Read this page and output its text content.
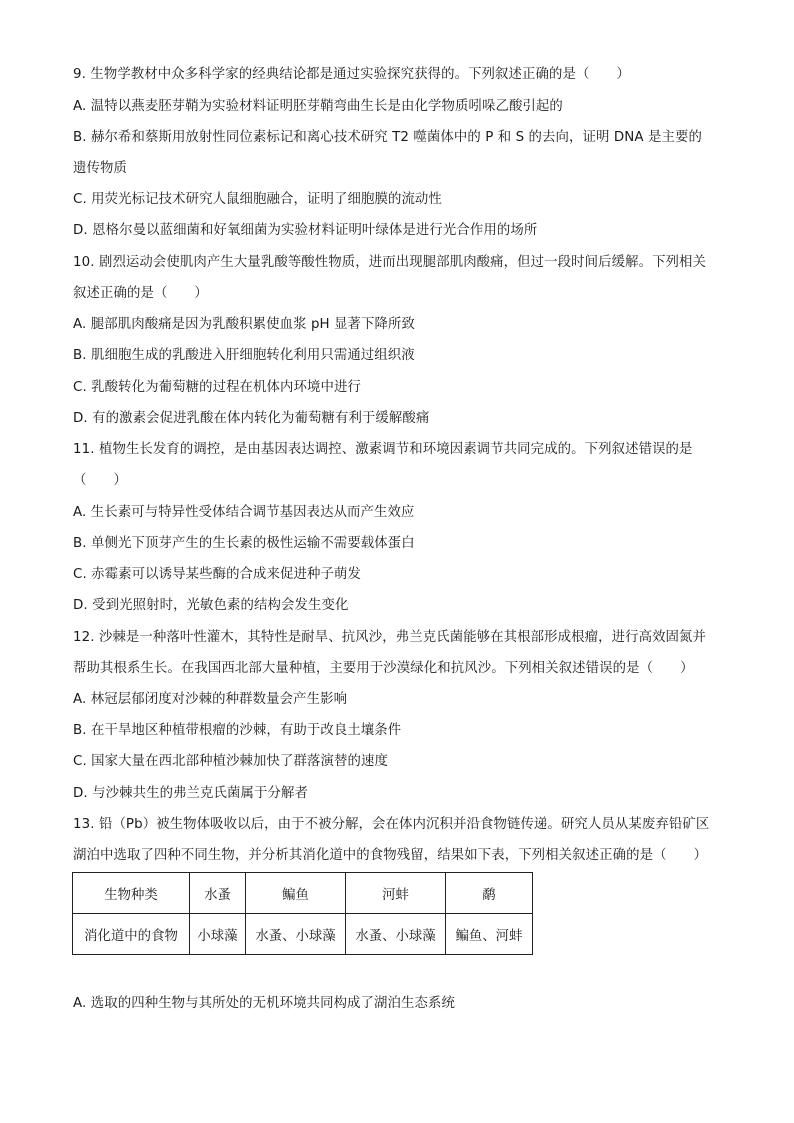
9. 生物学教材中众多科学家的经典结论都是通过实验探究获得的。下列叙述正确的是（　　）
A. 温特以燕麦胚芽鞘为实验材料证明胚芽鞘弯曲生长是由化学物质吲哚乙酸引起的
B. 赫尔希和蔡斯用放射性同位素标记和离心技术研究 T2 噬菌体中的 P 和 S 的去向，证明 DNA 是主要的
遗传物质
C. 用荧光标记技术研究人鼠细胞融合，证明了细胞膜的流动性
D. 恩格尔曼以蓝细菌和好氧细菌为实验材料证明叶绿体是进行光合作用的场所
10. 剧烈运动会使肌肉产生大量乳酸等酸性物质，进而出现腿部肌肉酸痛，但过一段时间后缓解。下列相关
叙述正确的是（　　）
A. 腿部肌肉酸痛是因为乳酸积累使血浆 pH 显著下降所致
B. 肌细胞生成的乳酸进入肝细胞转化利用只需通过组织液
C. 乳酸转化为葡萄糖的过程在机体内环境中进行
D. 有的激素会促进乳酸在体内转化为葡萄糖有利于缓解酸痛
11. 植物生长发育的调控，是由基因表达调控、激素调节和环境因素调节共同完成的。下列叙述错误的是
（　　）
A. 生长素可与特异性受体结合调节基因表达从而产生效应
B. 单侧光下顶芽产生的生长素的极性运输不需要载体蛋白
C. 赤霉素可以诱导某些酶的合成来促进种子萌发
D. 受到光照射时，光敏色素的结构会发生变化
12. 沙棘是一种落叶性灌木，其特性是耐旱、抗风沙，弗兰克氏菌能够在其根部形成根瘤，进行高效固氮并
帮助其根系生长。在我国西北部大量种植，主要用于沙漠绿化和抗风沙。下列相关叙述错误的是（　　）
A. 林冠层郁闭度对沙棘的种群数量会产生影响
B. 在干旱地区种植带根瘤的沙棘，有助于改良土壤条件
C. 国家大量在西北部种植沙棘加快了群落演替的速度
D. 与沙棘共生的弗兰克氏菌属于分解者
13. 铅（Pb）被生物体吸收以后，由于不被分解，会在体内沉积并沿食物链传递。研究人员从某废弃铅矿区
湖泊中选取了四种不同生物，并分析其消化道中的食物残留，结果如下表，下列相关叙述正确的是（　　）
生物种类	水蚤	鳊鱼	河蚌	鹬
消化道中的食物	小球藻	水蚤、小球藻	水蚤、小球藻	鳊鱼、河蚌
A. 选取的四种生物与其所处的无机环境共同构成了湖泊生态系统
